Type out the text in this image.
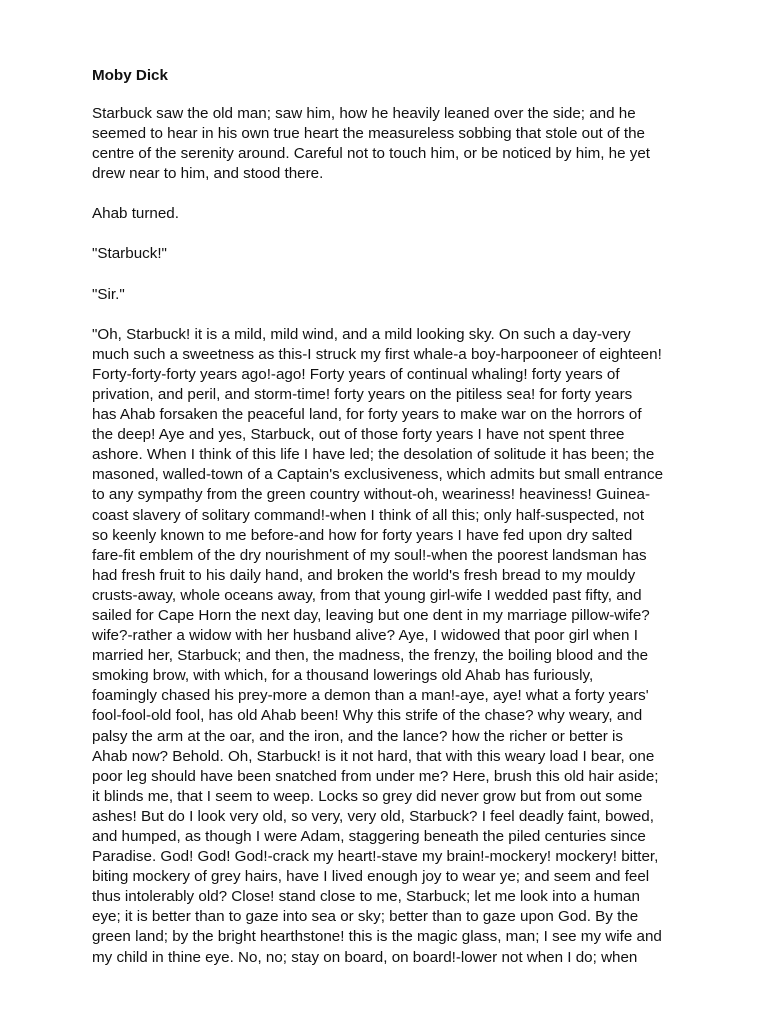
Moby Dick
Starbuck saw the old man; saw him, how he heavily leaned over the side; and he
seemed to hear in his own true heart the measureless sobbing that stole out of the
centre of the serenity around. Careful not to touch him, or be noticed by him, he yet
drew near to him, and stood there.
Ahab turned.
"Starbuck!"
"Sir."
"Oh, Starbuck! it is a mild, mild wind, and a mild looking sky. On such a day-very
much such a sweetness as this-I struck my first whale-a boy-harpooneer of eighteen!
Forty-forty-forty years ago!-ago! Forty years of continual whaling! forty years of
privation, and peril, and storm-time! forty years on the pitiless sea! for forty years
has Ahab forsaken the peaceful land, for forty years to make war on the horrors of
the deep! Aye and yes, Starbuck, out of those forty years I have not spent three
ashore. When I think of this life I have led; the desolation of solitude it has been; the
masoned, walled-town of a Captain's exclusiveness, which admits but small entrance
to any sympathy from the green country without-oh, weariness! heaviness! Guinea-
coast slavery of solitary command!-when I think of all this; only half-suspected, not
so keenly known to me before-and how for forty years I have fed upon dry salted
fare-fit emblem of the dry nourishment of my soul!-when the poorest landsman has
had fresh fruit to his daily hand, and broken the world's fresh bread to my mouldy
crusts-away, whole oceans away, from that young girl-wife I wedded past fifty, and
sailed for Cape Horn the next day, leaving but one dent in my marriage pillow-wife?
wife?-rather a widow with her husband alive? Aye, I widowed that poor girl when I
married her, Starbuck; and then, the madness, the frenzy, the boiling blood and the
smoking brow, with which, for a thousand lowerings old Ahab has furiously,
foamingly chased his prey-more a demon than a man!-aye, aye! what a forty years'
fool-fool-old fool, has old Ahab been! Why this strife of the chase? why weary, and
palsy the arm at the oar, and the iron, and the lance? how the richer or better is
Ahab now? Behold. Oh, Starbuck! is it not hard, that with this weary load I bear, one
poor leg should have been snatched from under me? Here, brush this old hair aside;
it blinds me, that I seem to weep. Locks so grey did never grow but from out some
ashes! But do I look very old, so very, very old, Starbuck? I feel deadly faint, bowed,
and humped, as though I were Adam, staggering beneath the piled centuries since
Paradise. God! God! God!-crack my heart!-stave my brain!-mockery! mockery! bitter,
biting mockery of grey hairs, have I lived enough joy to wear ye; and seem and feel
thus intolerably old? Close! stand close to me, Starbuck; let me look into a human
eye; it is better than to gaze into sea or sky; better than to gaze upon God. By the
green land; by the bright hearthstone! this is the magic glass, man; I see my wife and
my child in thine eye. No, no; stay on board, on board!-lower not when I do; when
